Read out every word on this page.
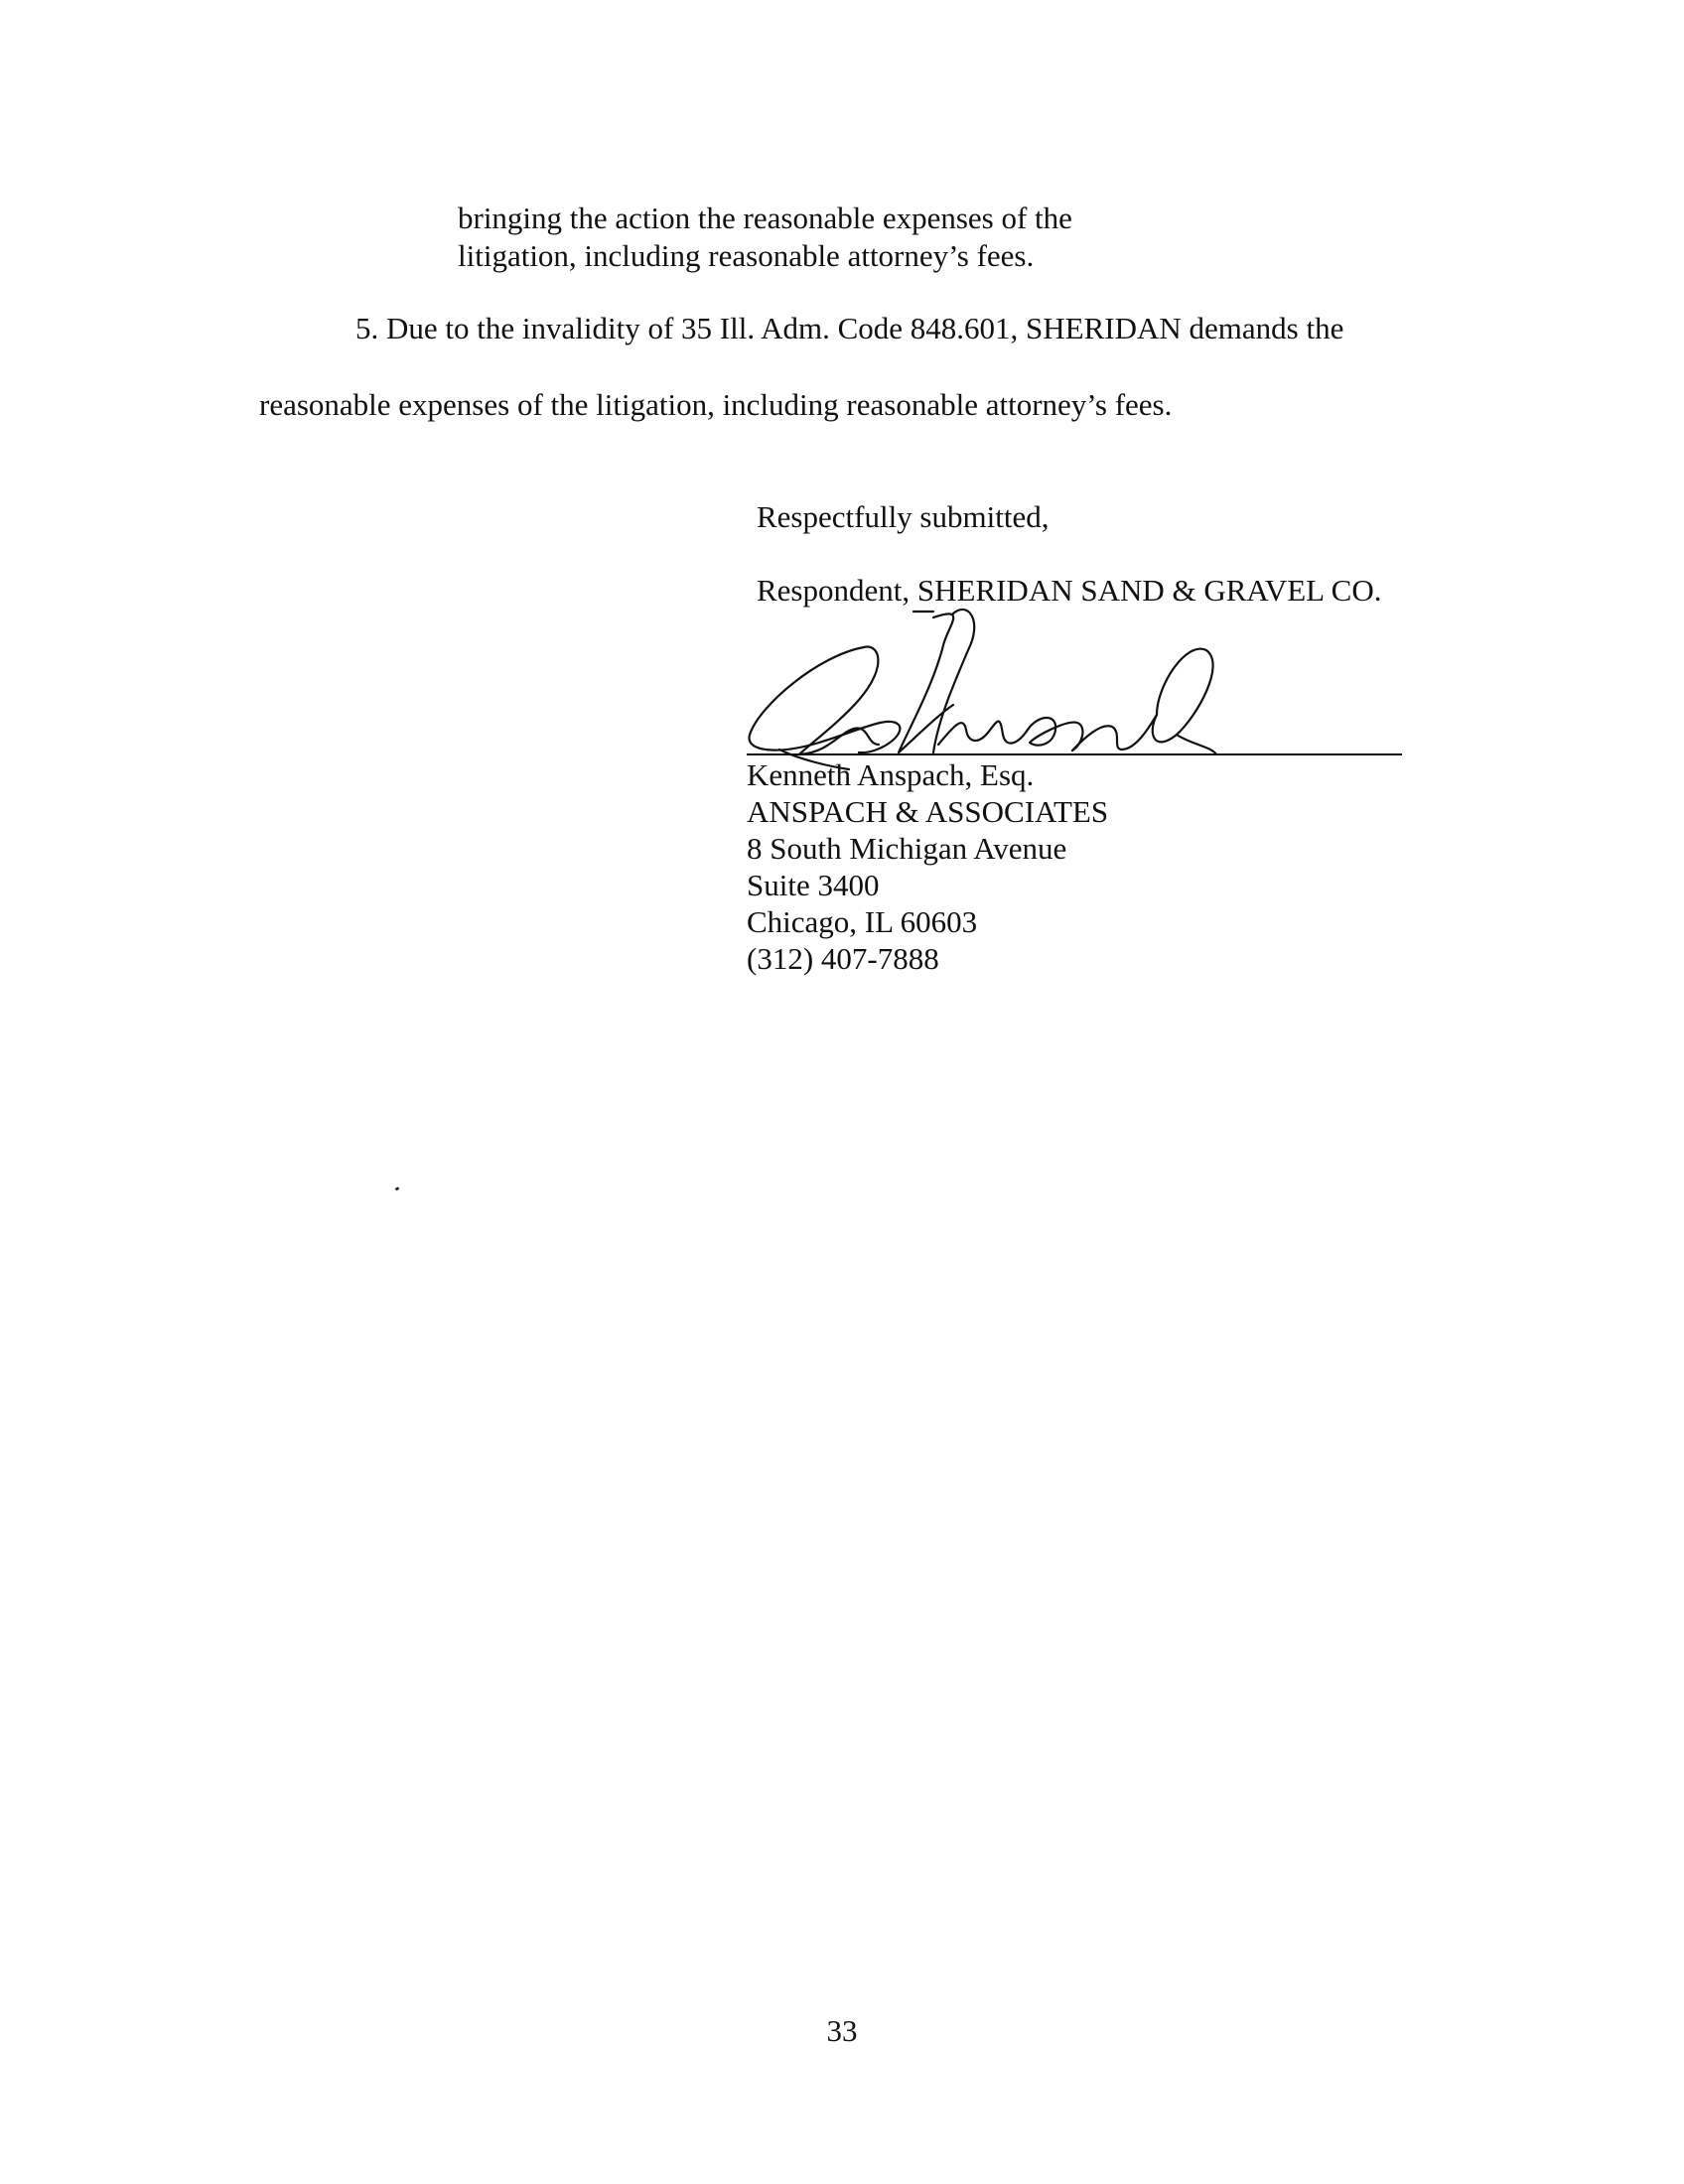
bringing the action the reasonable expenses of the
litigation, including reasonable attorney’s fees.
5. Due to the invalidity of 35 Ill. Adm. Code 848.601, SHERIDAN demands the
reasonable expenses of the litigation, including reasonable attorney’s fees.
Respectfully submitted,
Respondent, SHERIDAN SAND & GRAVEL CO.
Kenneth Anspach, Esq.
ANSPACH & ASSOCIATES
8 South Michigan Avenue
Suite 3400
Chicago, IL 60603
(312) 407-7888
33
